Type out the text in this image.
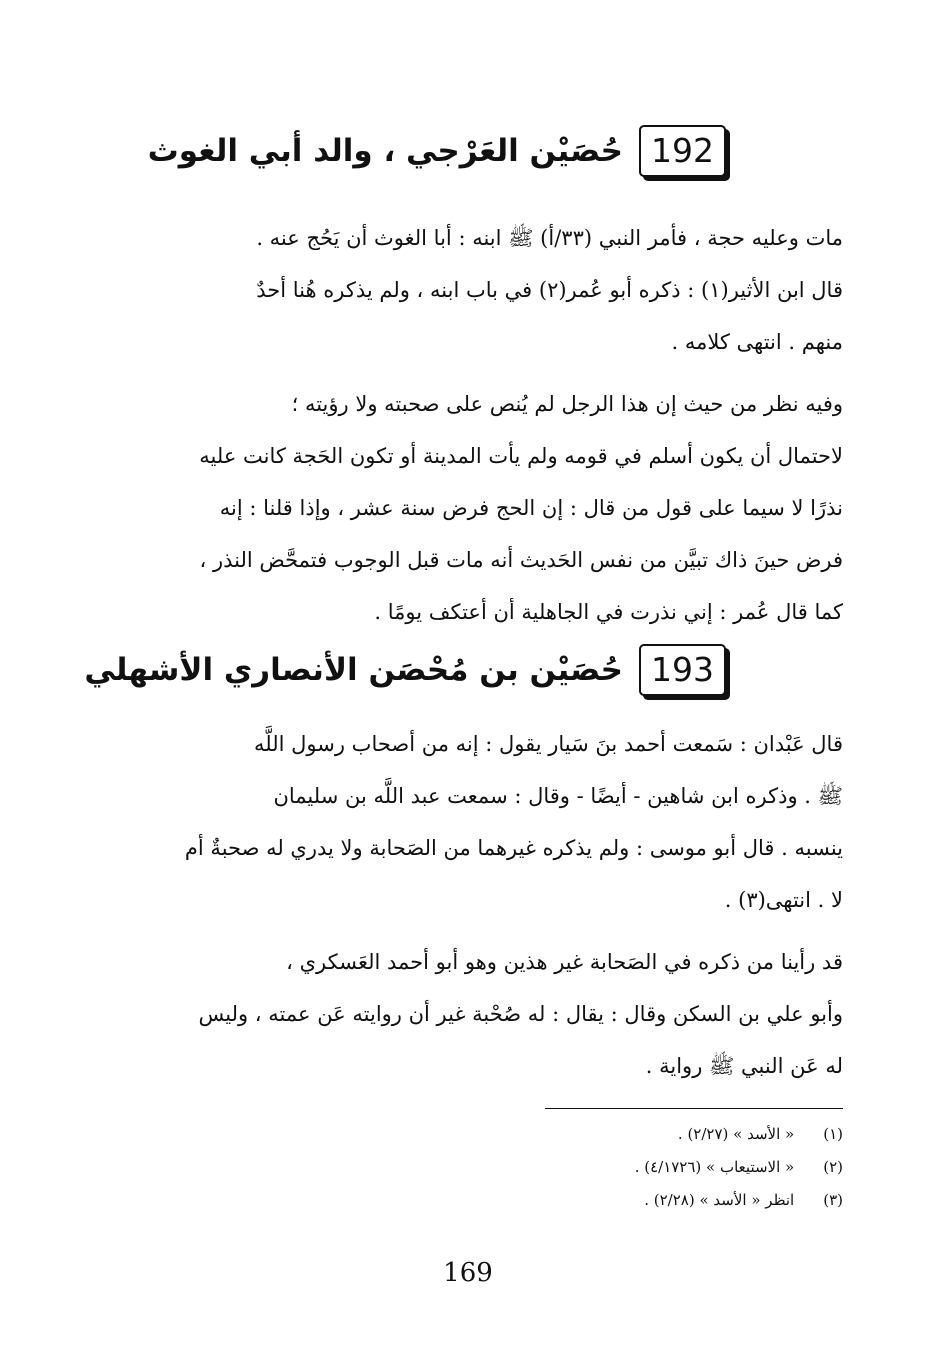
192
حُصَيْن العَرْجي ، والد أبي الغوث
مات وعليه حجة ، فأمر النبي (٣٣/أ) ﷺ ابنه : أبا الغوث أن يَحُج عنه .
قال ابن الأثير(١) : ذكره أبو عُمر(٢) في باب ابنه ، ولم يذكره هُنا أحدٌ
منهم . انتهى كلامه .
وفيه نظر من حيث إن هذا الرجل لم يُنص على صحبته ولا رؤيته ؛
لاحتمال أن يكون أسلم في قومه ولم يأت المدينة أو تكون الحَجة كانت عليه
نذرًا لا سيما على قول من قال : إن الحج فرض سنة عشر ، وإذا قلنا : إنه
فرض حينَ ذاك تبيَّن من نفس الحَديث أنه مات قبل الوجوب فتمحَّض النذر ،
كما قال عُمر : إني نذرت في الجاهلية أن أعتكف يومًا .
193
حُصَيْن بن مُحْصَن الأنصاري الأشهلي
قال عَبْدان : سَمعت أحمد بنَ سَيار يقول : إنه من أصحاب رسول اللَّه
ﷺ . وذكره ابن شاهين - أيضًا - وقال : سمعت عبد اللَّه بن سليمان
ينسبه . قال أبو موسى : ولم يذكره غيرهما من الصَحابة ولا يدري له صحبةٌ أم
لا . انتهى(٣) .
قد رأينا من ذكره في الصَحابة غير هذين وهو أبو أحمد العَسكري ،
وأبو علي بن السكن وقال : يقال : له صُحْبة غير أن روايته عَن عمته ، وليس
له عَن النبي ﷺ رواية .
(١) « الأسد » (٢/٢٧) .
(٢) « الاستيعاب » (٤/١٧٢٦) .
(٣) انظر « الأسد » (٢/٢٨) .
169
